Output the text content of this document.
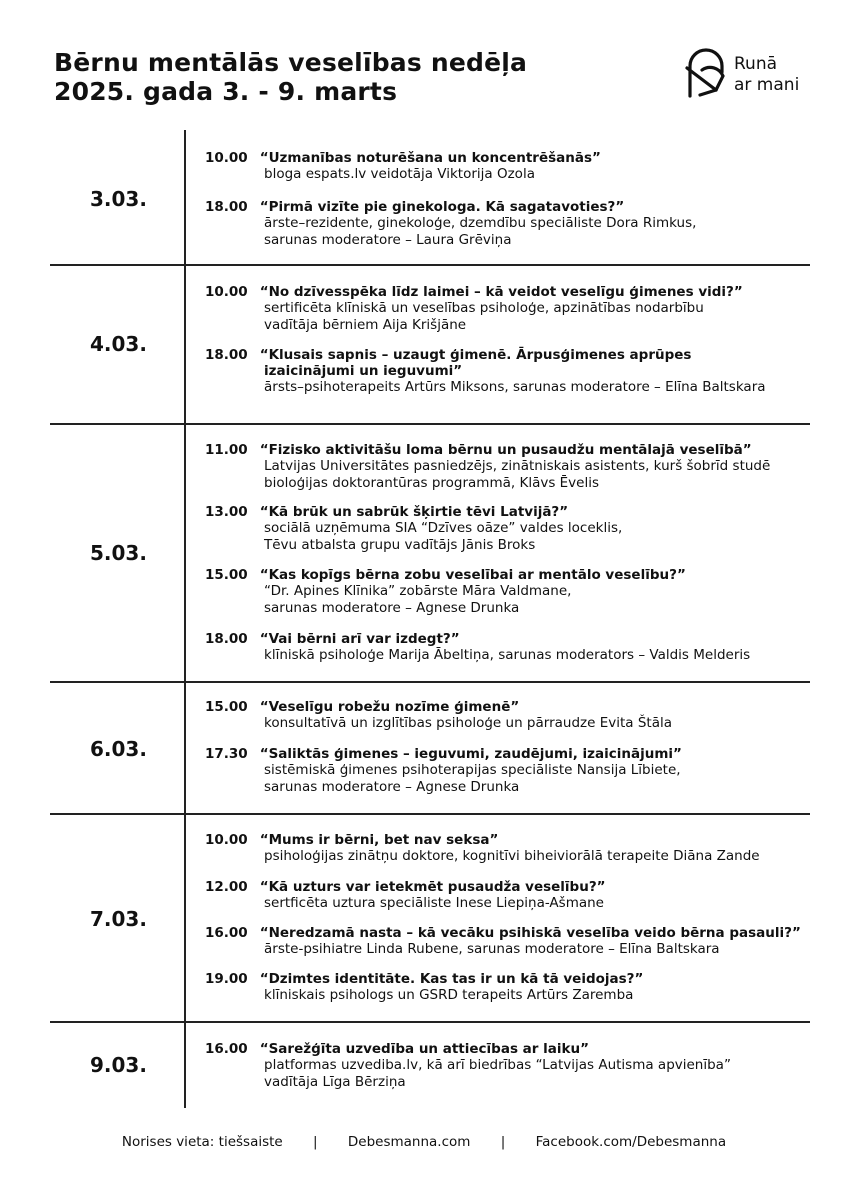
Bērnu mentālās veselības nedēļa
2025. gada 3. - 9. marts
Runā
ar mani
3.03.
10.00 “Uzmanības noturēšana un koncentrēšanās”
bloga espats.lv veidotāja Viktorija Ozola
18.00 “Pirmā vizīte pie ginekologa. Kā sagatavoties?”
ārste–rezidente, ginekoloģe, dzemdību speciāliste Dora Rimkus,
sarunas moderatore – Laura Grēviņa
4.03.
10.00 “No dzīvesspēka līdz laimei – kā veidot veselīgu ģimenes vidi?”
sertificēta klīniskā un veselības psiholoģe, apzinātības nodarbību
vadītāja bērniem Aija Krišjāne
18.00 “Klusais sapnis – uzaugt ģimenē. Ārpusģimenes aprūpes
izaicinājumi un ieguvumi”
ārsts–psihoterapeits Artūrs Miksons, sarunas moderatore – Elīna Baltskara
5.03.
11.00 “Fizisko aktivitāšu loma bērnu un pusaudžu mentālajā veselībā”
Latvijas Universitātes pasniedzējs, zinātniskais asistents, kurš šobrīd studē
bioloģijas doktorantūras programmā, Klāvs Ēvelis
13.00 “Kā brūk un sabrūk šķirtie tēvi Latvijā?”
sociālā uzņēmuma SIA “Dzīves oāze” valdes loceklis,
Tēvu atbalsta grupu vadītājs Jānis Broks
15.00 “Kas kopīgs bērna zobu veselībai ar mentālo veselību?”
“Dr. Apines Klīnika” zobārste Māra Valdmane,
sarunas moderatore – Agnese Drunka
18.00 “Vai bērni arī var izdegt?”
klīniskā psiholoģe Marija Ābeltiņa, sarunas moderators – Valdis Melderis
6.03.
15.00 “Veselīgu robežu nozīme ģimenē”
konsultatīvā un izglītības psiholoģe un pārraudze Evita Štāla
17.30 “Saliktās ģimenes – ieguvumi, zaudējumi, izaicinājumi”
sistēmiskā ģimenes psihoterapijas speciāliste Nansija Lībiete,
sarunas moderatore – Agnese Drunka
7.03.
10.00 “Mums ir bērni, bet nav seksa”
psiholoģijas zinātņu doktore, kognitīvi biheiviorālā terapeite Diāna Zande
12.00 “Kā uzturs var ietekmēt pusaudža veselību?”
sertficēta uztura speciāliste Inese Liepiņa-Ašmane
16.00 “Neredzamā nasta – kā vecāku psihiskā veselība veido bērna pasauli?”
ārste-psihiatre Linda Rubene, sarunas moderatore – Elīna Baltskara
19.00 “Dzimtes identitāte. Kas tas ir un kā tā veidojas?”
klīniskais psihologs un GSRD terapeits Artūrs Zaremba
9.03.
16.00 “Sarežģīta uzvedība un attiecības ar laiku”
platformas uzvediba.lv, kā arī biedrības “Latvijas Autisma apvienība”
vadītāja Līga Bērziņa
Norises vieta: tiešsaiste | Debesmanna.com | Facebook.com/Debesmanna
